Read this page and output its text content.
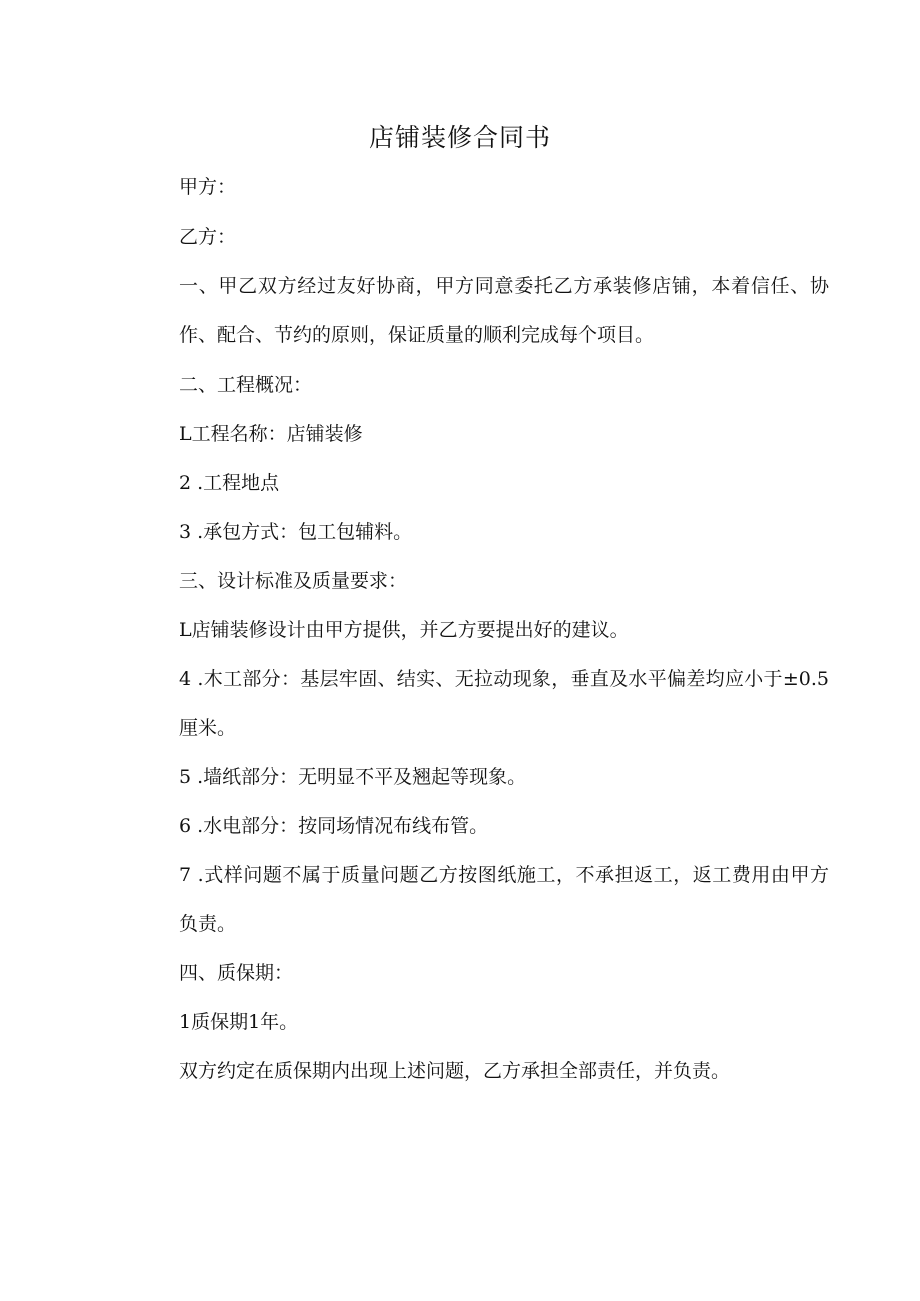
店铺装修合同书

甲方：

乙方：

一、甲乙双方经过友好协商，甲方同意委托乙方承装修店铺，本着信任、协作、配合、节约的原则，保证质量的顺利完成每个项目。

二、工程概况：

L工程名称：店铺装修

2 .工程地点

3 .承包方式：包工包辅料。

三、设计标准及质量要求：

L店铺装修设计由甲方提供，并乙方要提出好的建议。

4 .木工部分：基层牢固、结实、无拉动现象，垂直及水平偏差均应小于±0.5厘米。

5 .墙纸部分：无明显不平及翘起等现象。

6 .水电部分：按同场情况布线布管。

7 .式样问题不属于质量问题乙方按图纸施工，不承担返工，返工费用由甲方负责。

四、质保期：

1质保期1年。

双方约定在质保期内出现上述问题，乙方承担全部责任，并负责。
